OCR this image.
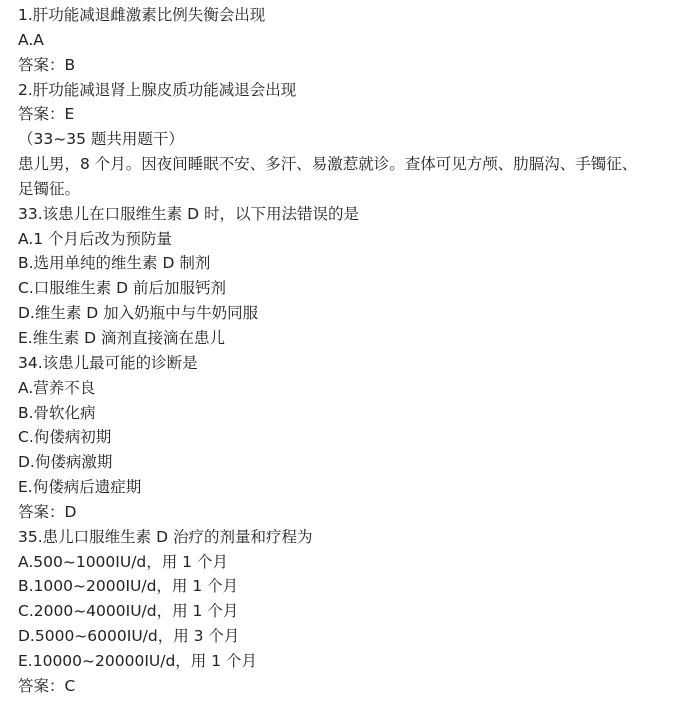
1.肝功能减退雌激素比例失衡会出现
A.A
答案：B
2.肝功能减退肾上腺皮质功能减退会出现
答案：E
（33~35 题共用题干）
患儿男，8 个月。因夜间睡眠不安、多汗、易激惹就诊。查体可见方颅、肋膈沟、手镯征、
足镯征。
33.该患儿在口服维生素 D 时，以下用法错误的是
A.1 个月后改为预防量
B.选用单纯的维生素 D 制剂
C.口服维生素 D 前后加服钙剂
D.维生素 D 加入奶瓶中与牛奶同服
E.维生素 D 滴剂直接滴在患儿
34.该患儿最可能的诊断是
A.营养不良
B.骨软化病
C.佝偻病初期
D.佝偻病激期
E.佝偻病后遗症期
答案：D
35.患儿口服维生素 D 治疗的剂量和疗程为
A.500~1000IU/d，用 1 个月
B.1000~2000IU/d，用 1 个月
C.2000~4000IU/d，用 1 个月
D.5000~6000IU/d，用 3 个月
E.10000~20000IU/d，用 1 个月
答案：C
